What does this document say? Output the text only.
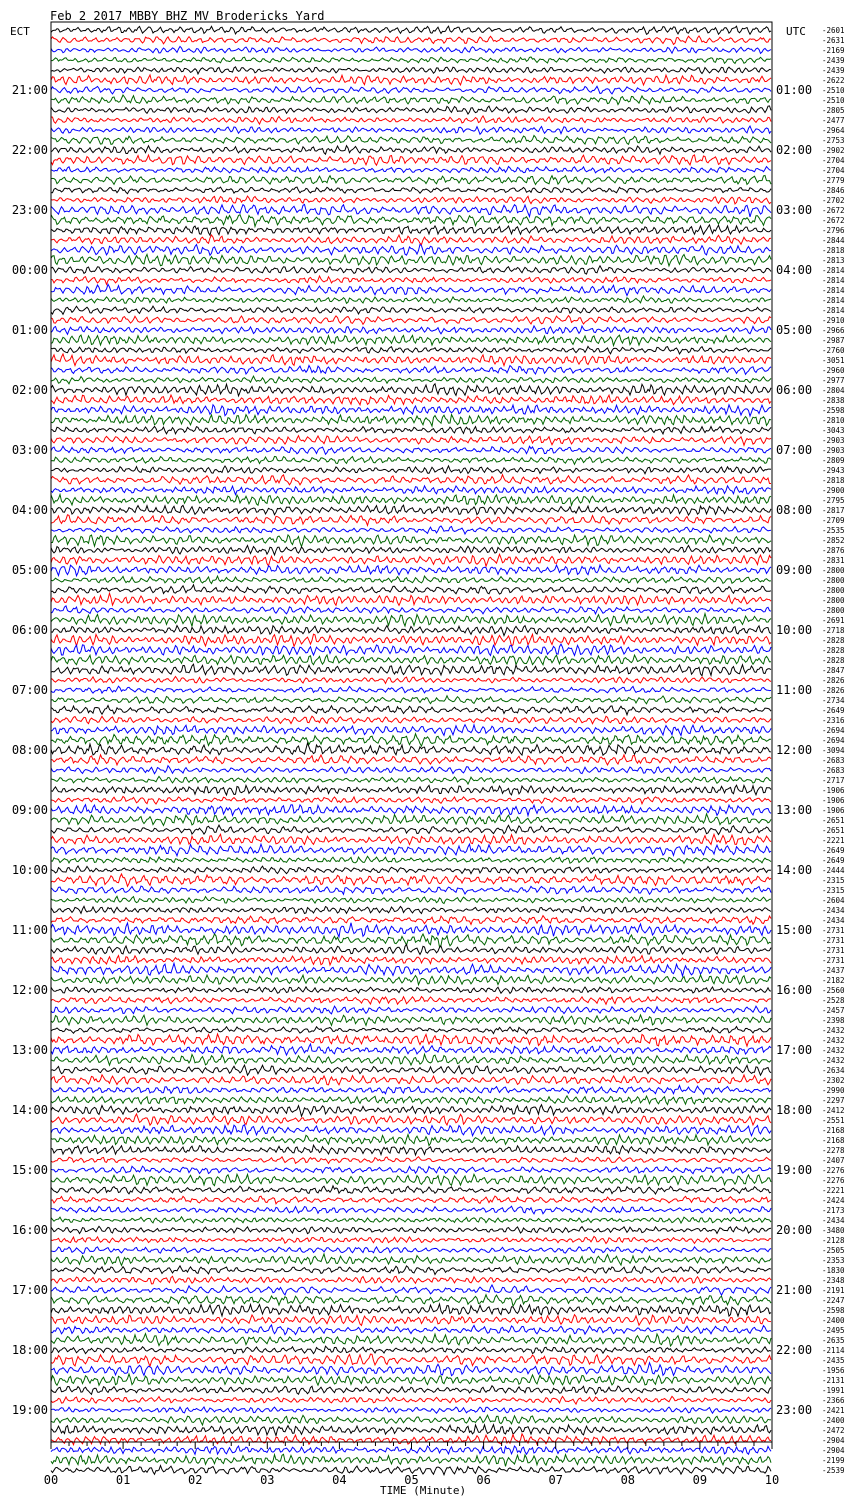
00	01	02	03	04	05	06	07	08	09	10
21:00
22:00
23:00
00:00
01:00
02:00
03:00
04:00
05:00
06:00
07:00
08:00
09:00
10:00
11:00
12:00
13:00
14:00
15:00
16:00
17:00
18:00
19:00
01:00
02:00
03:00
04:00
05:00
06:00
07:00
08:00
09:00
10:00
11:00
12:00
13:00
14:00
15:00
16:00
17:00
18:00
19:00
20:00
21:00
22:00
23:00
-2601
-2631
-2169
-2439
-2439
-2622
-2510
-2510
-2805
-2477
-2964
-2753
-2902
-2704
-2704
-2779
-2846
-2702
-2672
-2672
-2796
-2844
-2818
-2813
-2814
-2814
-2814
-2814
-2814
-2910
-2966
-2987
-2760
-3051
-2960
-2977
-2804
-2838
-2598
-2810
-3043
-2903
-2903
-2809
-2943
-2818
-2900
-2795
-2817
-2709
-2535
-2852
-2876
-2831
-2800
-2800
-2800
-2800
-2800
-2691
-2718
-2828
-2828
-2828
-2847
-2826
-2826
-2734
-2649
-2316
-2694
-2694
-3094
-2683
-2683
-2717
-1906
-1906
-1906
-2651
-2651
-2221
-2649
-2649
-2444
-2315
-2315
-2604
-2434
-2434
-2731
-2731
-2731
-2731
-2437
-2182
-2560
-2528
-2457
-2398
-2432
-2432
-2432
-2432
-2634
-2302
-2990
-2297
-2412
-2551
-2168
-2168
-2278
-2407
-2276
-2276
-2221
-2424
-2173
-2434
-3480
-2128
-2505
-2353
-1830
-2348
-2191
-2247
-2598
-2400
-2495
-2635
-2114
-2435
-1956
-2131
-1991
-2366
-2421
-2400
-2472
-2904
-2904
-2199
-2539
Feb 2 2017 MBBY BHZ MV Brodericks Yard
ECT	UTC
TIME (Minute)
